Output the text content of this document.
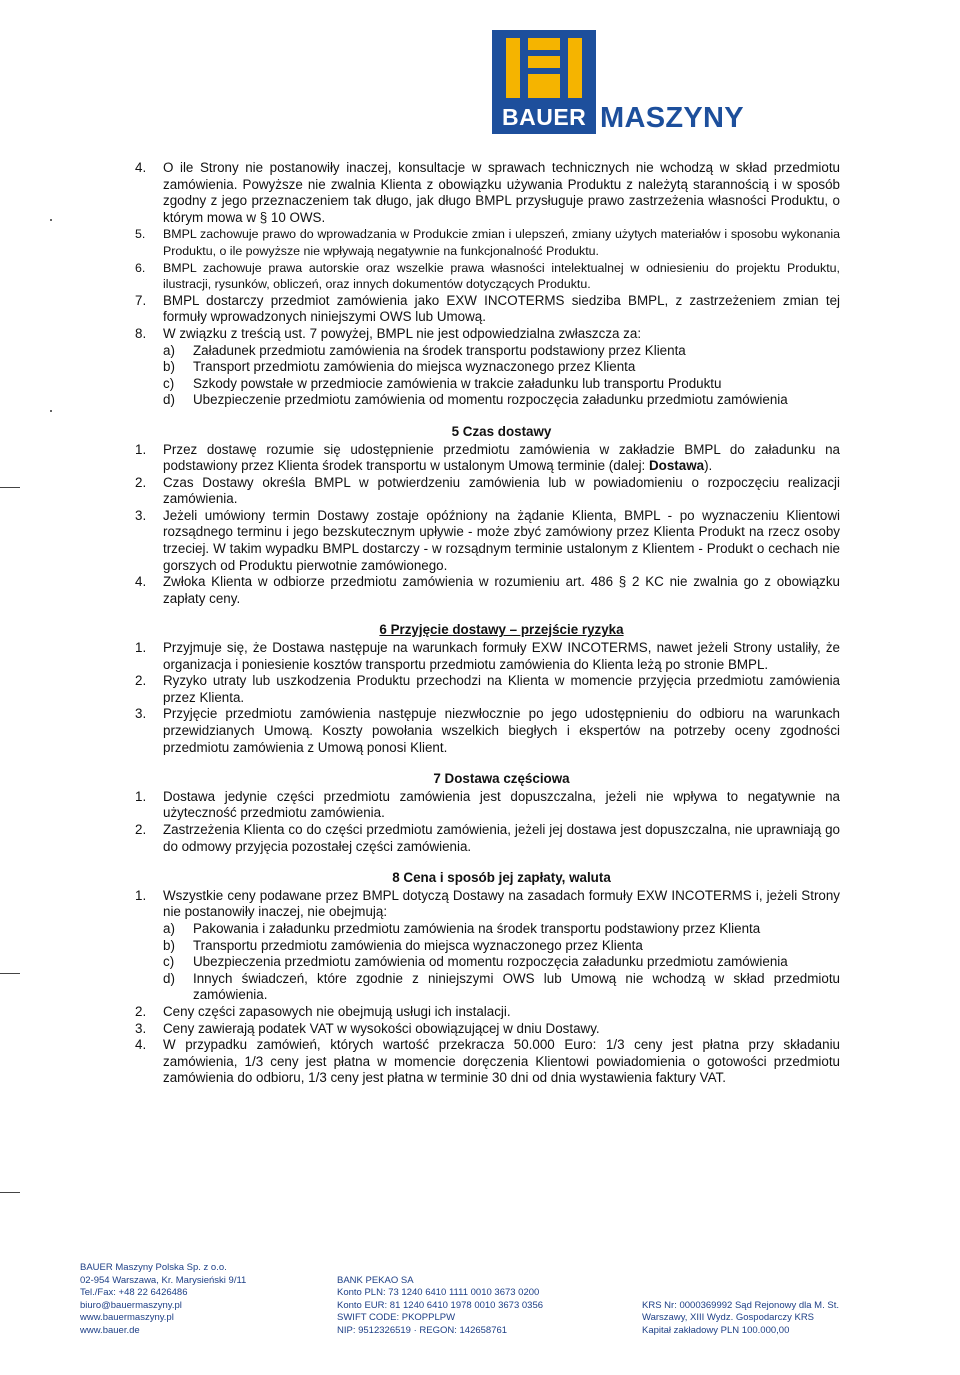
BAUER MASZYNY
4. O ile Strony nie postanowiły inaczej, konsultacje w sprawach technicznych nie wchodzą w skład przedmiotu zamówienia. Powyższe nie zwalnia Klienta z obowiązku używania Produktu z należytą starannością i w sposób zgodny z jego przeznaczeniem tak długo, jak długo BMPL przysługuje prawo zastrzeżenia własności Produktu, o którym mowa w § 10 OWS.
5. BMPL zachowuje prawo do wprowadzania w Produkcie zmian i ulepszeń, zmiany użytych materiałów i sposobu wykonania Produktu, o ile powyższe nie wpływają negatywnie na funkcjonalność Produktu.
6. BMPL zachowuje prawa autorskie oraz wszelkie prawa własności intelektualnej w odniesieniu do projektu Produktu, ilustracji, rysunków, obliczeń, oraz innych dokumentów dotyczących Produktu.
7. BMPL dostarczy przedmiot zamówienia jako EXW INCOTERMS siedziba BMPL, z zastrzeżeniem zmian tej formuły wprowadzonych niniejszymi OWS lub Umową.
8. W związku z treścią ust. 7 powyżej, BMPL nie jest odpowiedzialna zwłaszcza za:
a) Załadunek przedmiotu zamówienia na środek transportu podstawiony przez Klienta
b) Transport przedmiotu zamówienia do miejsca wyznaczonego przez Klienta
c) Szkody powstałe w przedmiocie zamówienia w trakcie załadunku lub transportu Produktu
d) Ubezpieczenie przedmiotu zamówienia od momentu rozpoczęcia załadunku przedmiotu zamówienia
5 Czas dostawy
1. Przez dostawę rozumie się udostępnienie przedmiotu zamówienia w zakładzie BMPL do załadunku na podstawiony przez Klienta środek transportu w ustalonym Umową terminie (dalej: Dostawa).
2. Czas Dostawy określa BMPL w potwierdzeniu zamówienia lub w powiadomieniu o rozpoczęciu realizacji zamówienia.
3. Jeżeli umówiony termin Dostawy zostaje opóźniony na żądanie Klienta, BMPL - po wyznaczeniu Klientowi rozsądnego terminu i jego bezskutecznym upływie - może zbyć zamówiony przez Klienta Produkt na rzecz osoby trzeciej. W takim wypadku BMPL dostarczy - w rozsądnym terminie ustalonym z Klientem - Produkt o cechach nie gorszych od Produktu pierwotnie zamówionego.
4. Zwłoka Klienta w odbiorze przedmiotu zamówienia w rozumieniu art. 486 § 2 KC nie zwalnia go z obowiązku zapłaty ceny.
6 Przyjęcie dostawy – przejście ryzyka
1. Przyjmuje się, że Dostawa następuje na warunkach formuły EXW INCOTERMS, nawet jeżeli Strony ustaliły, że organizacja i poniesienie kosztów transportu przedmiotu zamówienia do Klienta leżą po stronie BMPL.
2. Ryzyko utraty lub uszkodzenia Produktu przechodzi na Klienta w momencie przyjęcia przedmiotu zamówienia przez Klienta.
3. Przyjęcie przedmiotu zamówienia następuje niezwłocznie po jego udostępnieniu do odbioru na warunkach przewidzianych Umową. Koszty powołania wszelkich biegłych i ekspertów na potrzeby oceny zgodności przedmiotu zamówienia z Umową ponosi Klient.
7 Dostawa częściowa
1. Dostawa jedynie części przedmiotu zamówienia jest dopuszczalna, jeżeli nie wpływa to negatywnie na użyteczność przedmiotu zamówienia.
2. Zastrzeżenia Klienta co do części przedmiotu zamówienia, jeżeli jej dostawa jest dopuszczalna, nie uprawniają go do odmowy przyjęcia pozostałej części zamówienia.
8 Cena i sposób jej zapłaty, waluta
1. Wszystkie ceny podawane przez BMPL dotyczą Dostawy na zasadach formuły EXW INCOTERMS i, jeżeli Strony nie postanowiły inaczej, nie obejmują:
a) Pakowania i załadunku przedmiotu zamówienia na środek transportu podstawiony przez Klienta
b) Transportu przedmiotu zamówienia do miejsca wyznaczonego przez Klienta
c) Ubezpieczenia przedmiotu zamówienia od momentu rozpoczęcia załadunku przedmiotu zamówienia
d) Innych świadczeń, które zgodnie z niniejszymi OWS lub Umową nie wchodzą w skład przedmiotu zamówienia.
2. Ceny części zapasowych nie obejmują usługi ich instalacji.
3. Ceny zawierają podatek VAT w wysokości obowiązującej w dniu Dostawy.
4. W przypadku zamówień, których wartość przekracza 50.000 Euro: 1/3 ceny jest płatna przy składaniu zamówienia, 1/3 ceny jest płatna w momencie doręczenia Klientowi powiadomienia o gotowości przedmiotu zamówienia do odbioru, 1/3 ceny jest płatna w terminie 30 dni od dnia wystawienia faktury VAT.
BAUER Maszyny Polska Sp. z o.o.
02-954 Warszawa, Kr. Marysieński 9/11
Tel./Fax: +48 22 6426486
biuro@bauermaszyny.pl
www.bauermaszyny.pl
www.bauer.de
BANK PEKAO SA
Konto PLN: 73 1240 6410 1111 0010 3673 0200
Konto EUR: 81 1240 6410 1978 0010 3673 0356
SWIFT CODE: PKOPPLPW
NIP: 9512326519 · REGON: 142658761
KRS Nr: 0000369992 Sąd Rejonowy dla M. St.
Warszawy, XIII Wydz. Gospodarczy KRS
Kapitał zakładowy PLN 100.000,00
